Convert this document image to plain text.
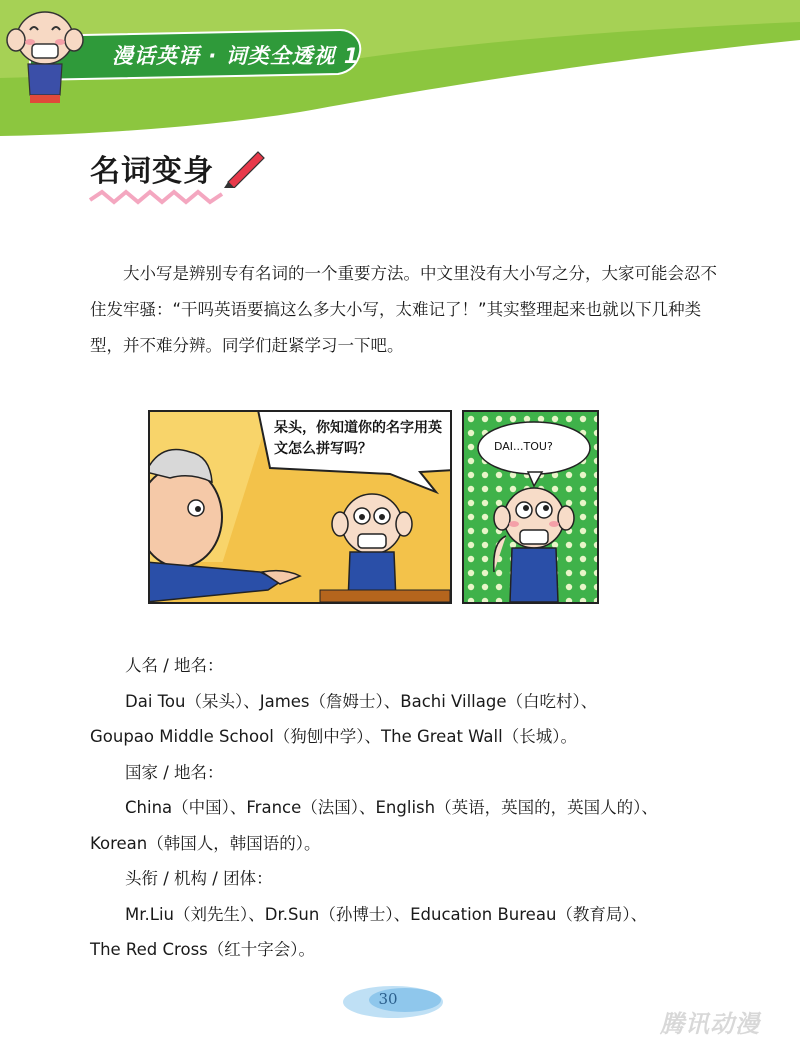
漫话英语 · 词类全透视 1
名词变身

大小写是辨别专有名词的一个重要方法。中文里没有大小写之分，大家可能会忍不住发牢骚：“干吗英语要搞这么多大小写，太难记了！”其实整理起来也就以下几种类型，并不难分辨。同学们赶紧学习一下吧。

呆头，你知道你的名字用英文怎么拼写吗？	DAI...TOU?
人名 / 地名：
Dai Tou（呆头）、James（詹姆士）、Bachi Village（白吃村）、
Goupao Middle School（狗刨中学）、The Great Wall（长城）。
国家 / 地名：
China（中国）、France（法国）、English（英语，英国的，英国人的）、
Korean（韩国人，韩国语的）。
头衔 / 机构 / 团体：
Mr.Liu（刘先生）、Dr.Sun（孙博士）、Education Bureau（教育局）、
The Red Cross（红十字会）。
30
腾讯动漫
